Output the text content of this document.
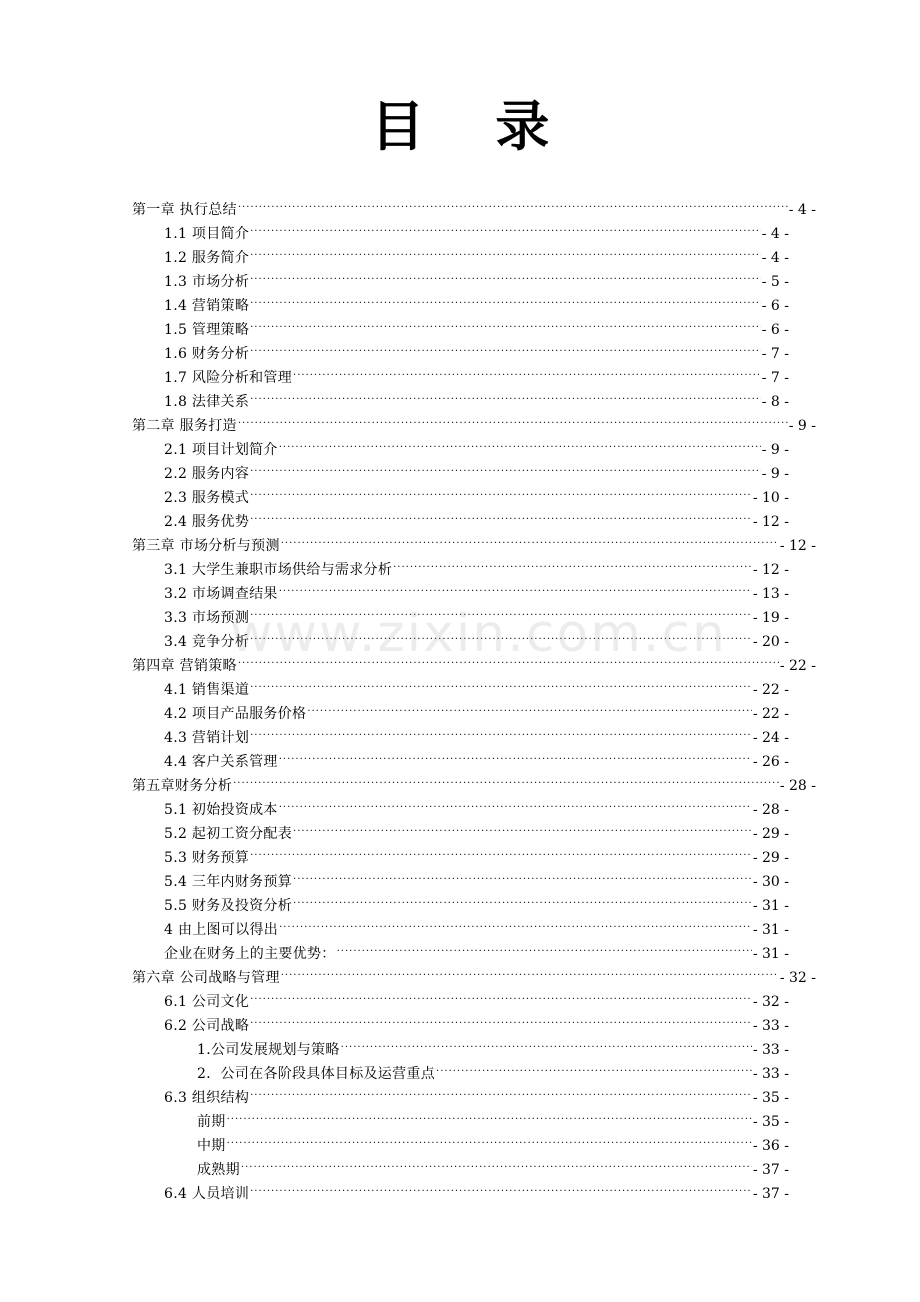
目 录
第一章 执行总结 .....	- 4 -
1.1 项目简介 .....	- 4 -
1.2 服务简介 .....	- 4 -
1.3 市场分析 .....	- 5 -
1.4 营销策略 .....	- 6 -
1.5 管理策略 .....	- 6 -
1.6 财务分析 .....	- 7 -
1.7 风险分析和管理 .....	- 7 -
1.8 法律关系 .....	- 8 -
第二章 服务打造 .....	- 9 -
2.1 项目计划简介 .....	- 9 -
2.2 服务内容 .....	- 9 -
2.3 服务模式 .....	- 10 -
2.4 服务优势 .....	- 12 -
第三章 市场分析与预测 .....	- 12 -
3.1 大学生兼职市场供给与需求分析 .....	- 12 -
3.2 市场调查结果 .....	- 13 -
3.3 市场预测 .....	- 19 -
3.4 竞争分析 .....	- 20 -
第四章 营销策略 .....	- 22 -
4.1 销售渠道 .....	- 22 -
4.2 项目产品服务价格 .....	- 22 -
4.3 营销计划 .....	- 24 -
4.4 客户关系管理 .....	- 26 -
第五章财务分析 .....	- 28 -
5.1 初始投资成本 .....	- 28 -
5.2 起初工资分配表 .....	- 29 -
5.3 财务预算 .....	- 29 -
5.4 三年内财务预算 .....	- 30 -
5.5 财务及投资分析 .....	- 31 -
4 由上图可以得出 .....	- 31 -
企业在财务上的主要优势： .....	- 31 -
第六章 公司战略与管理 .....	- 32 -
6.1 公司文化 .....	- 32 -
6.2 公司战略 .....	- 33 -
1.公司发展规划与策略 .....	- 33 -
2．公司在各阶段具体目标及运营重点 .....	- 33 -
6.3 组织结构 .....	- 35 -
前期 .....	- 35 -
中期 .....	- 36 -
成熟期 .....	- 37 -
6.4 人员培训 .....	- 37 -
www.zixin.com.cn
